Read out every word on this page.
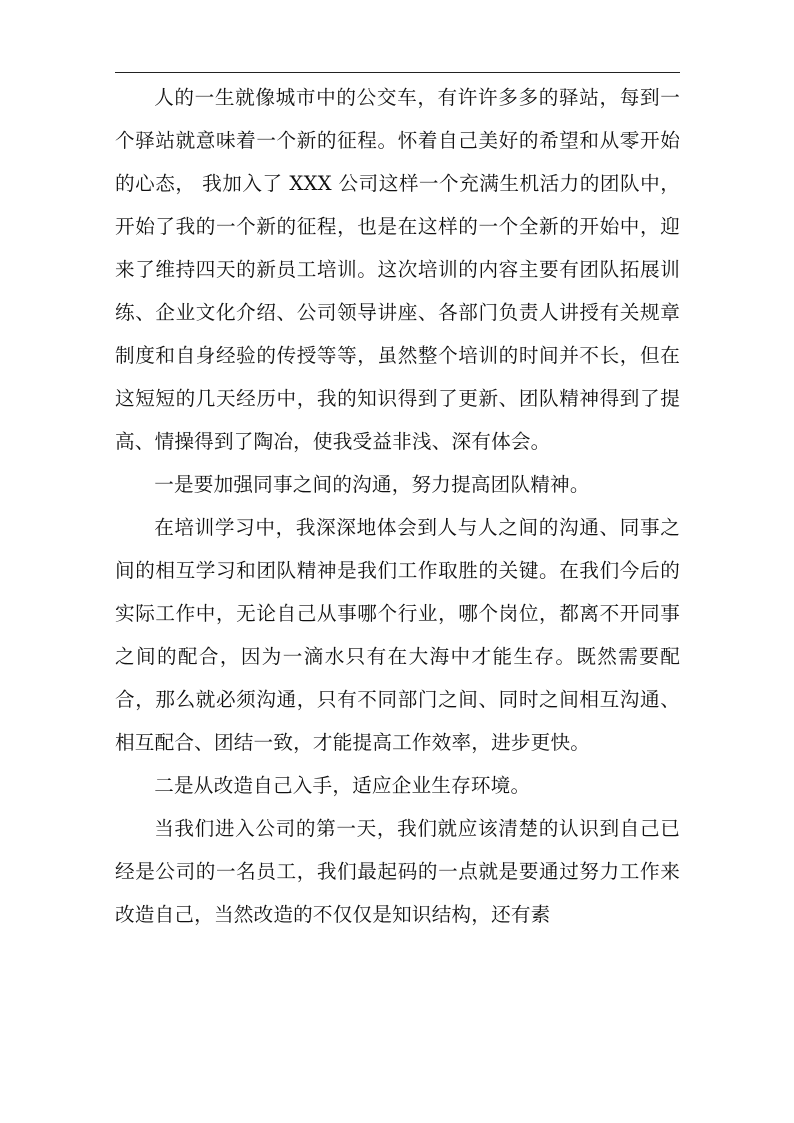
人的一生就像城市中的公交车，有许许多多的驿站，每到一个驿站就意味着一个新的征程。怀着自己美好的希望和从零开始的心态， 我加入了 XXX 公司这样一个充满生机活力的团队中，开始了我的一个新的征程，也是在这样的一个全新的开始中，迎来了维持四天的新员工培训。这次培训的内容主要有团队拓展训练、企业文化介绍、公司领导讲座、各部门负责人讲授有关规章制度和自身经验的传授等等，虽然整个培训的时间并不长，但在这短短的几天经历中，我的知识得到了更新、团队精神得到了提高、情操得到了陶冶，使我受益非浅、深有体会。

一是要加强同事之间的沟通，努力提高团队精神。

在培训学习中，我深深地体会到人与人之间的沟通、同事之间的相互学习和团队精神是我们工作取胜的关键。在我们今后的实际工作中，无论自己从事哪个行业，哪个岗位，都离不开同事之间的配合，因为一滴水只有在大海中才能生存。既然需要配合，那么就必须沟通，只有不同部门之间、同时之间相互沟通、相互配合、团结一致，才能提高工作效率，进步更快。

二是从改造自己入手，适应企业生存环境。

当我们进入公司的第一天，我们就应该清楚的认识到自己已经是公司的一名员工，我们最起码的一点就是要通过努力工作来改造自己，当然改造的不仅仅是知识结构，还有素
